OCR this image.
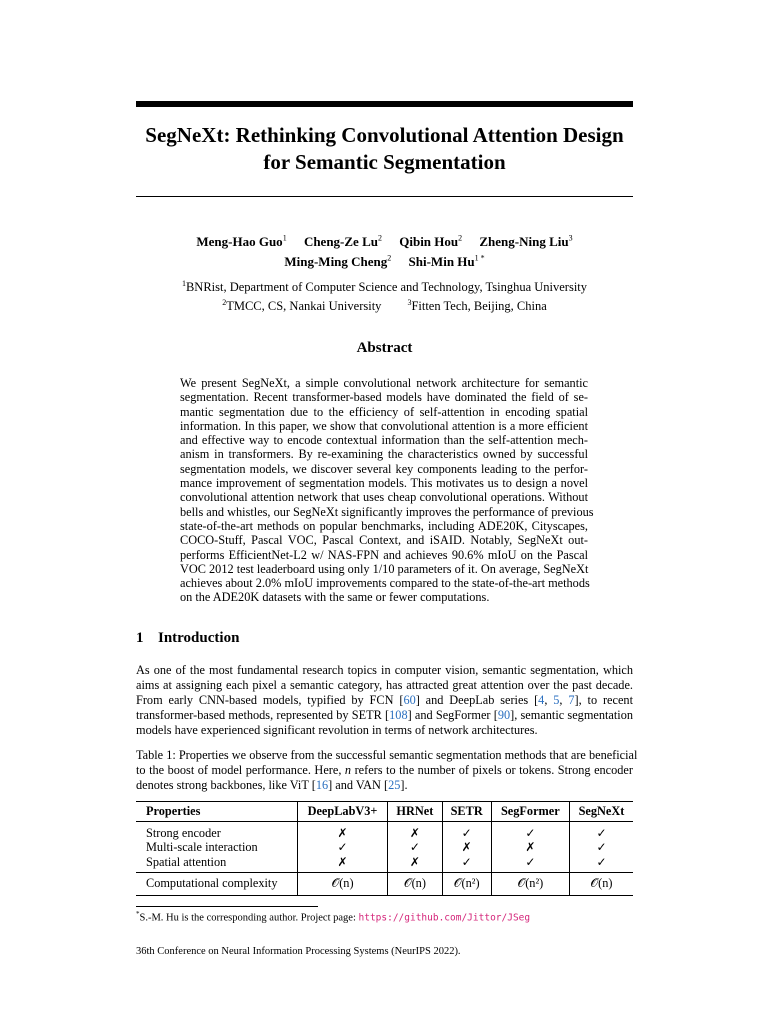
SegNeXt: Rethinking Convolutional Attention Design
for Semantic Segmentation
Meng-Hao Guo$^1$ Cheng-Ze Lu$^2$ Qibin Hou$^2$ Zheng-Ning Liu$^3$
Ming-Ming Cheng$^2$ Shi-Min $Hu^{1 *}$
$^1$BNRist, Department of Computer Science and Technology, Tsinghua University
$^2$TMCC, CS, Nankai University	$^3$Fitten Tech, Beijing, China
Abstract
We present SegNeXt, a simple convolutional network architecture for semantic
segmentation. Recent transformer-based models have dominated the field of se-
mantic segmentation due to the efficiency of self-attention in encoding spatial
information. In this paper, we show that convolutional attention is a more efficient
and effective way to encode contextual information than the self-attention mech-
anism in transformers. By re-examining the characteristics owned by successful
segmentation models, we discover several key components leading to the perfor-
mance improvement of segmentation models. This motivates us to design a novel
convolutional attention network that uses cheap convolutional operations. Without
bells and whistles, our SegNeXt significantly improves the performance of previous
state-of-the-art methods on popular benchmarks, including ADE20K, Cityscapes,
COCO-Stuff, Pascal VOC, Pascal Context, and iSAID. Notably, SegNeXt out-
performs EfficientNet-L2 w/ NAS-FPN and achieves 90.6% mIoU on the Pascal
VOC 2012 test leaderboard using only 1/10 parameters of it. On average, SegNeXt
achieves about 2.0% mIoU improvements compared to the state-of-the-art methods
on the ADE20K datasets with the same or fewer computations.
1 Introduction
As one of the most fundamental research topics in computer vision, semantic segmentation, which
aims at assigning each pixel a semantic category, has attracted great attention over the past decade.
From early CNN-based models, typified by FCN [60] and DeepLab series [4, 5, 7], to recent
transformer-based methods, represented by SETR [108] and SegFormer [90], semantic segmentation
models have experienced significant revolution in terms of network architectures.
Table 1: Properties we observe from the successful semantic segmentation methods that are beneficial
to the boost of model performance. Here, n refers to the number of pixels or tokens. Strong encoder
denotes strong backbones, like ViT [16] and VAN [25].
Properties	DeepLabV3+	HRNet	SETR	SegFormer	SegNeXt
Strong encoder	✗	✗	✓	✓	✓
Multi-scale interaction	✓	✓	✗	✗	✓
Spatial attention	✗	✗	✓	✓	✓
Computational complexity	𝒪(n)	𝒪(n)	𝒪(n²)	𝒪(n²)	𝒪(n)
*S.-M. Hu is the corresponding author. Project page: https://github.com/Jittor/JSeg
36th Conference on Neural Information Processing Systems (NeurIPS 2022).
